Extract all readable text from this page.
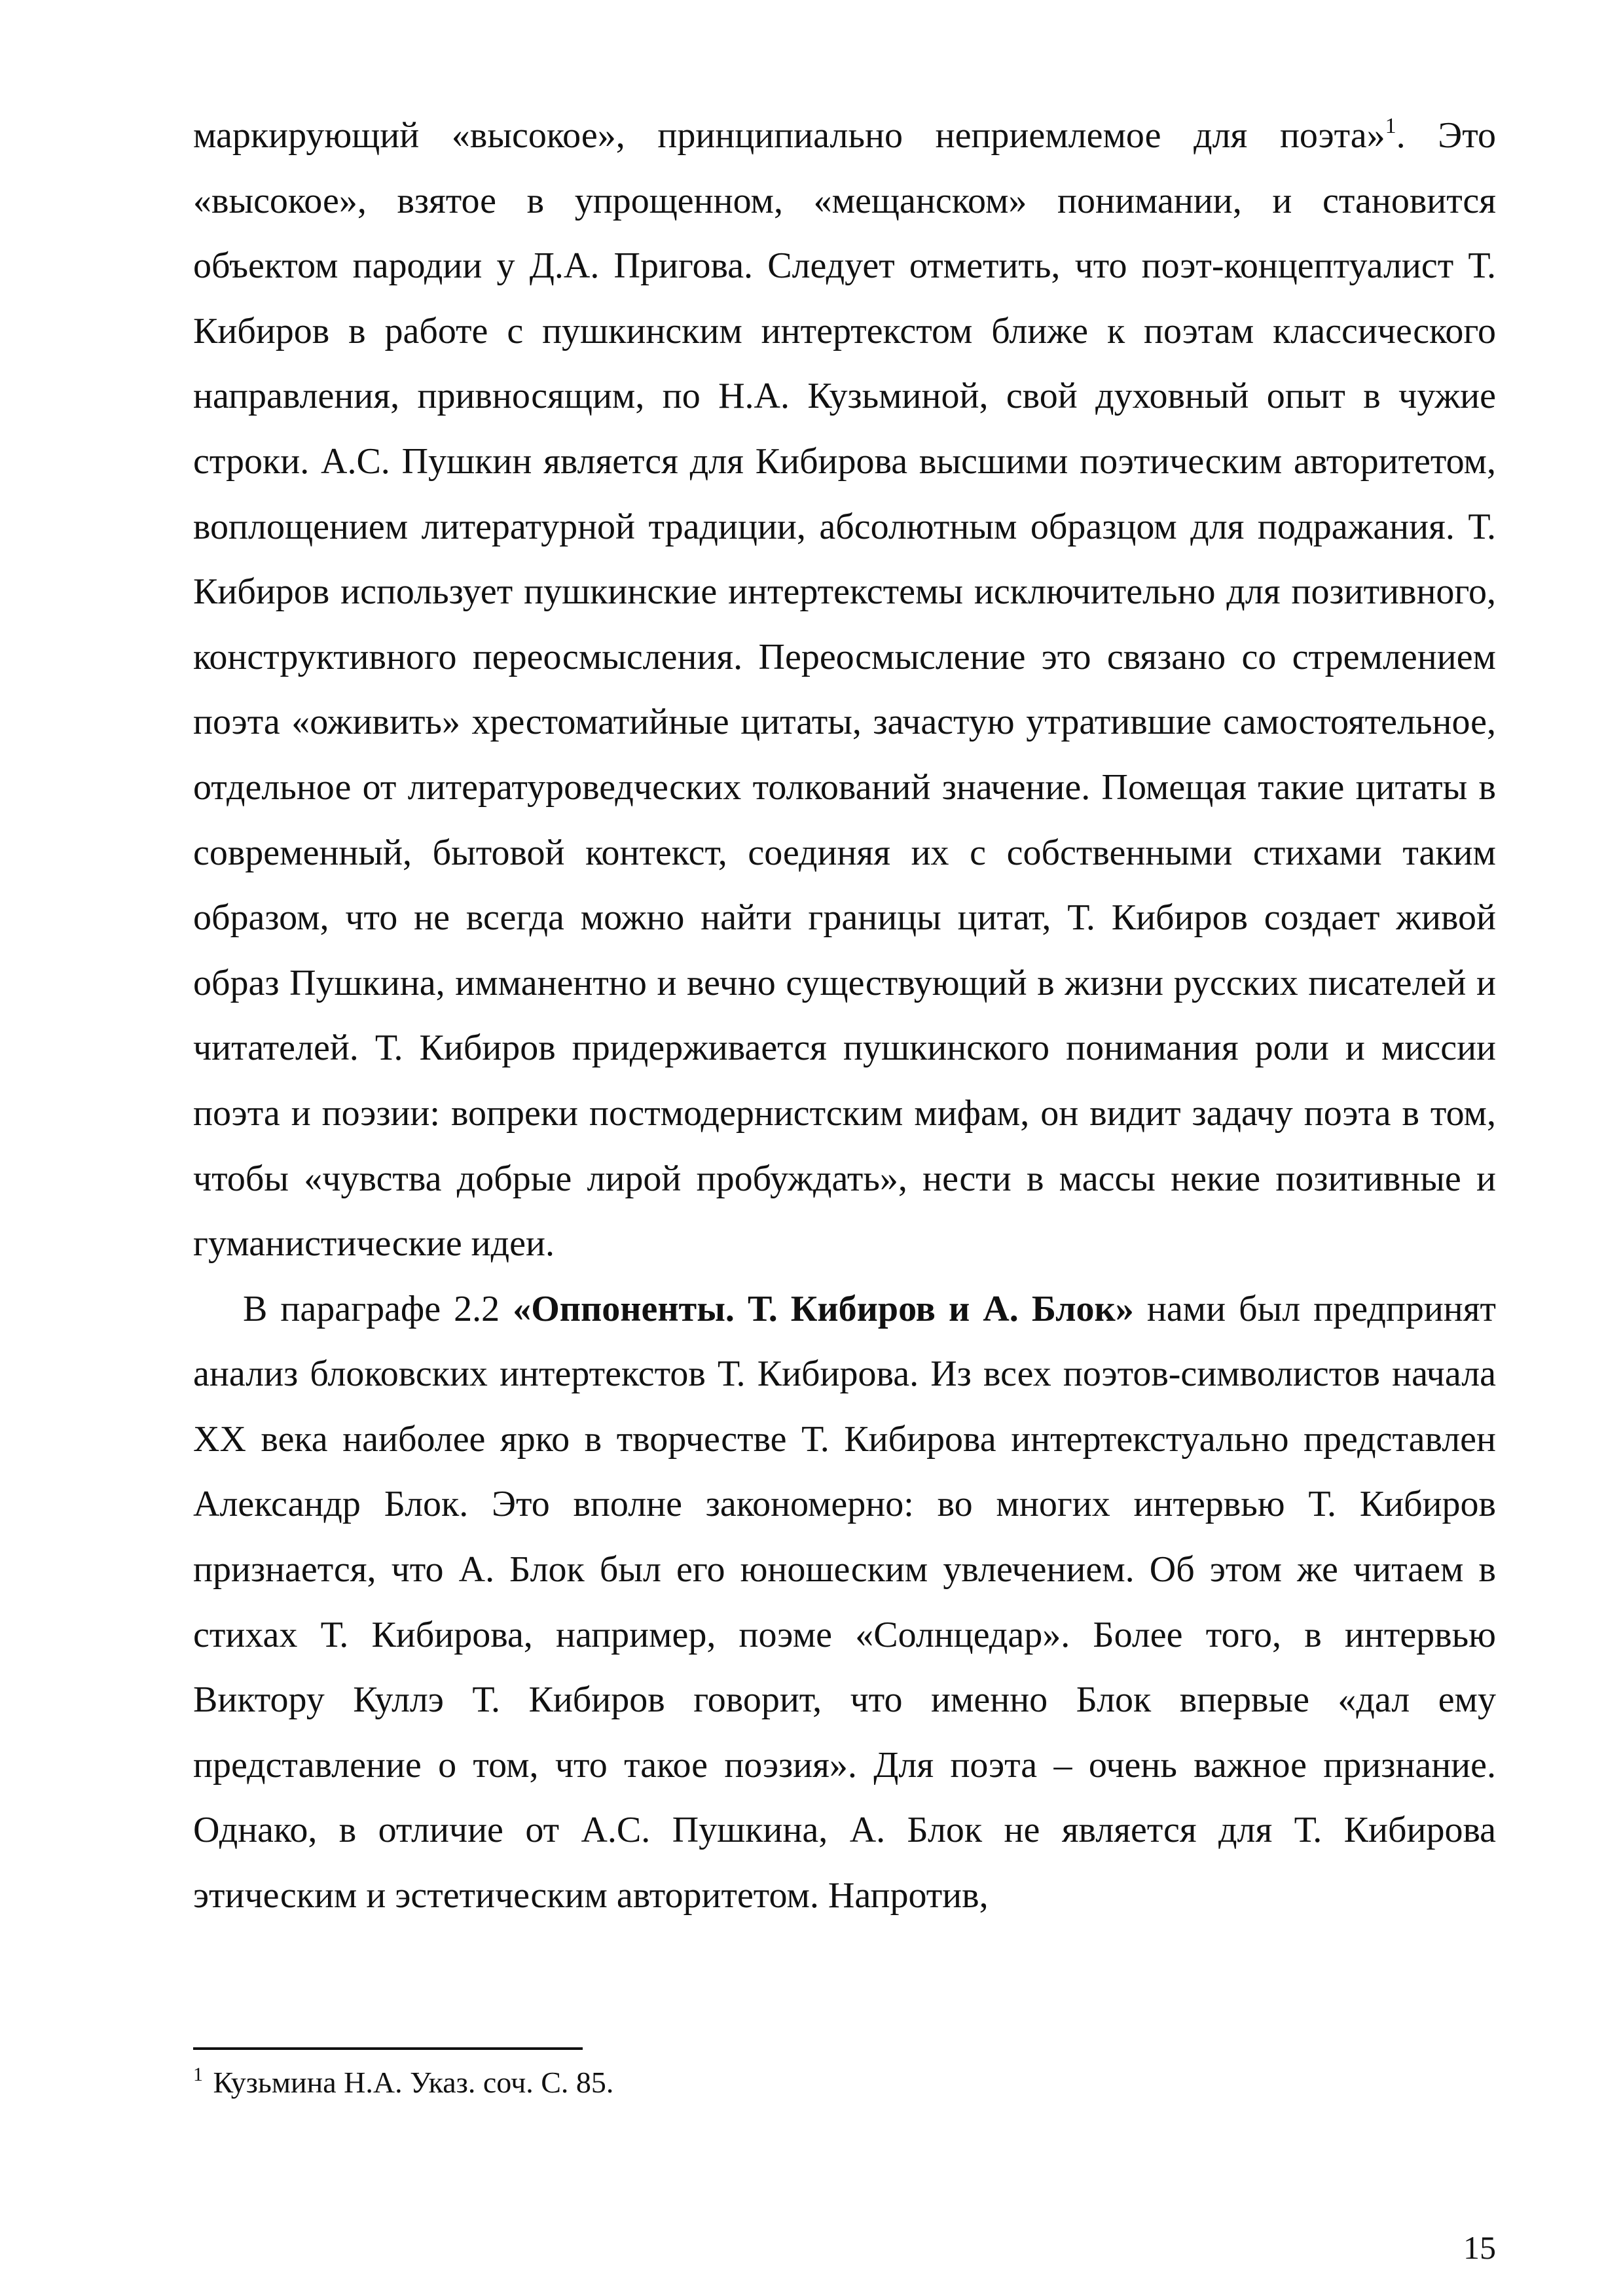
маркирующий «высокое», принципиально неприемлемое для поэта»$^1$. Это «высокое», взятое в упрощенном, «мещанском» понимании, и становится объектом пародии у Д.А. Пригова. Следует отметить, что поэт-концептуалист Т. Кибиров в работе с пушкинским интертекстом ближе к поэтам классического направления, привносящим, по Н.А. Кузьминой, свой духовный опыт в чужие строки. А.С. Пушкин является для Кибирова высшими поэтическим авторитетом, воплощением литературной традиции, абсолютным образцом для подражания. Т. Кибиров использует пушкинские интертекстемы исключительно для позитивного, конструктивного переосмысления. Переосмысление это связано со стремлением поэта «оживить» хрестоматийные цитаты, зачастую утратившие самостоятельное, отдельное от литературоведческих толкований значение. Помещая такие цитаты в современный, бытовой контекст, соединяя их с собственными стихами таким образом, что не всегда можно найти границы цитат, Т. Кибиров создает живой образ Пушкина, имманентно и вечно существующий в жизни русских писателей и читателей. Т. Кибиров придерживается пушкинского понимания роли и миссии поэта и поэзии: вопреки постмодернистским мифам, он видит задачу поэта в том, чтобы «чувства добрые лирой пробуждать», нести в массы некие позитивные и гуманистические идеи.

В параграфе 2.2 «Оппоненты. Т. Кибиров и А. Блок» нами был предпринят анализ блоковских интертекстов Т. Кибирова. Из всех поэтов-символистов начала XX века наиболее ярко в творчестве Т. Кибирова интертекстуально представлен Александр Блок. Это вполне закономерно: во многих интервью Т. Кибиров признается, что А. Блок был его юношеским увлечением. Об этом же читаем в стихах Т. Кибирова, например, поэме «Солнцедар». Более того, в интервью Виктору Куллэ Т. Кибиров говорит, что именно Блок впервые «дал ему представление о том, что такое поэзия». Для поэта – очень важное признание. Однако, в отличие от А.С. Пушкина, А. Блок не является для Т. Кибирова этическим и эстетическим авторитетом. Напротив,

$^1$ Кузьмина Н.А. Указ. соч. С. 85.
15
